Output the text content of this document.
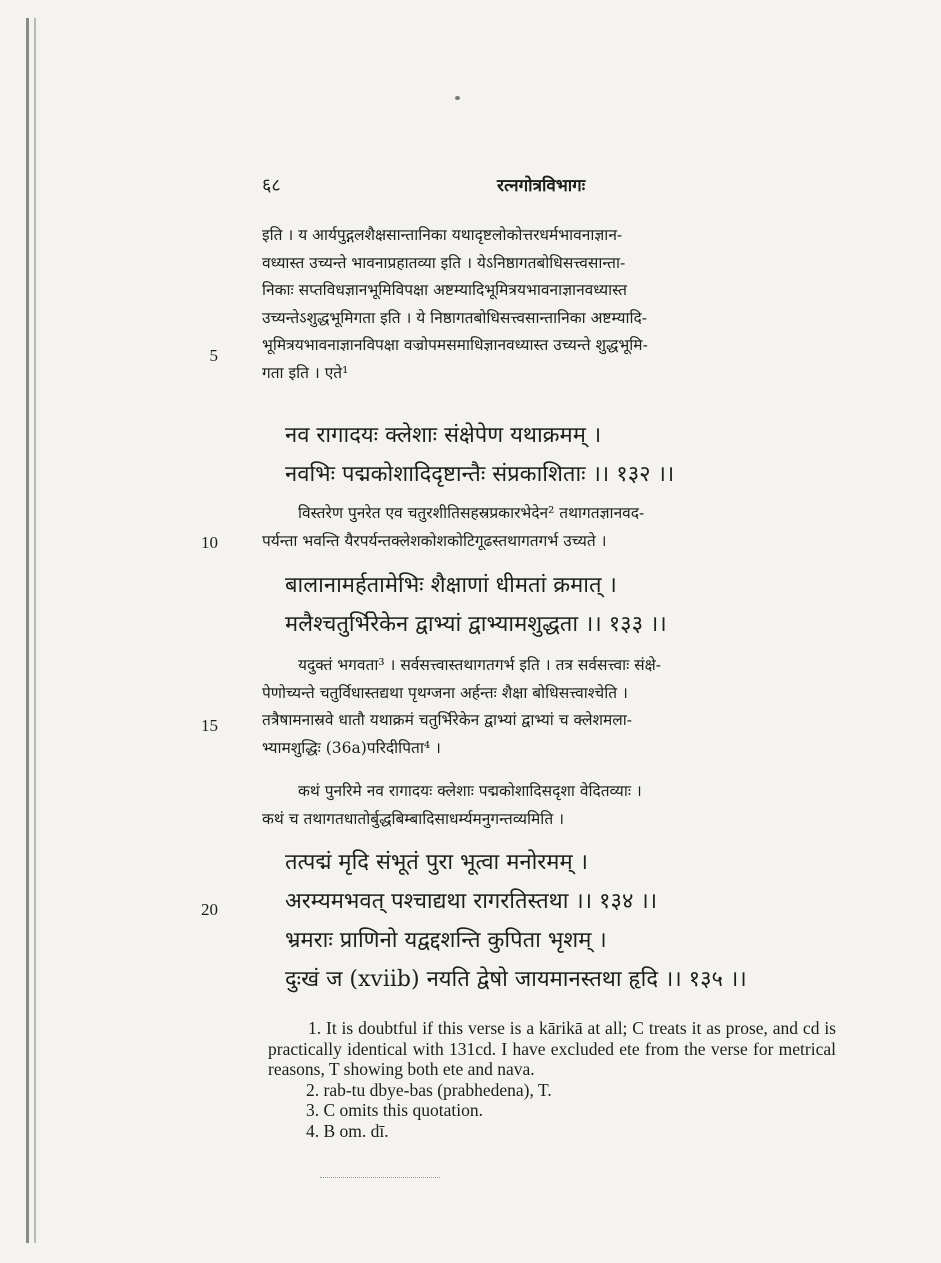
६८	रत्नगोत्रविभागः

इति । य आर्यपुद्गलशैक्षसान्तानिका यथादृष्टलोकोत्तरधर्मभावनाज्ञान-

वध्यास्त उच्यन्ते भावनाप्रहातव्या इति । येऽनिष्ठागतबोधिसत्त्वसान्ता-

निकाः सप्तविधज्ञानभूमिविपक्षा अष्टम्यादिभूमित्रयभावनाज्ञानवध्यास्त

उच्यन्तेऽशुद्धभूमिगता इति । ये निष्ठागतबोधिसत्त्वसान्तानिका अष्टम्यादि-

भूमित्रयभावनाज्ञानविपक्षा वज्रोपमसमाधिज्ञानवध्यास्त उच्यन्ते शुद्धभूमि-

गता इति । एते¹

नव रागादयः क्लेशाः संक्षेपेण यथाक्रमम् ।
नवभिः पद्मकोशादिदृष्टान्तैः संप्रकाशिताः ।। १३२ ।।

विस्तरेण पुनरेत एव चतुरशीतिसहस्रप्रकारभेदेन² तथागतज्ञानवद-

पर्यन्ता भवन्ति यैरपर्यन्तक्लेशकोशकोटिगूढस्तथागतगर्भ उच्यते ।

बालानामर्हतामेभिः शैक्षाणां धीमतां क्रमात् ।
मलैश्चतुर्भिरेकेन द्वाभ्यां द्वाभ्यामशुद्धता ।। १३३ ।।

यदुक्तं भगवता³ । सर्वसत्त्वास्तथागतगर्भ इति । तत्र सर्वसत्त्वाः संक्षे-

पेणोच्यन्ते चतुर्विधास्तद्यथा पृथग्जना अर्हन्तः शैक्षा बोधिसत्त्वाश्चेति ।

तत्रैषामनास्रवे धातौ यथाक्रमं चतुर्भिरेकेन द्वाभ्यां द्वाभ्यां च क्लेशमला-

भ्यामशुद्धिः (36a)परिदीपिता⁴ ।

कथं पुनरिमे नव रागादयः क्लेशाः पद्मकोशादिसदृशा वेदितव्याः ।

कथं च तथागतधातोर्बुद्धबिम्बादिसाधर्म्यमनुगन्तव्यमिति ।

तत्पद्मं मृदि संभूतं पुरा भूत्वा मनोरमम् ।
अरम्यमभवत् पश्चाद्यथा रागरतिस्तथा ।। १३४ ।।
भ्रमराः प्राणिनो यद्वद्दशन्ति कुपिता भृशम् ।
दुःखं ज (xviib) नयति द्वेषो जायमानस्तथा हृदि ।। १३५ ।।
5
10
15
20

1. It is doubtful if this verse is a kārikā at all; C treats it as prose, and cd is practically identical with 131cd. I have excluded ete from the verse for metrical reasons, T showing both ete and nava.

2. rab-tu dbye-bas (prabhedena), T.

3. C omits this quotation.

4. B om. dī.
